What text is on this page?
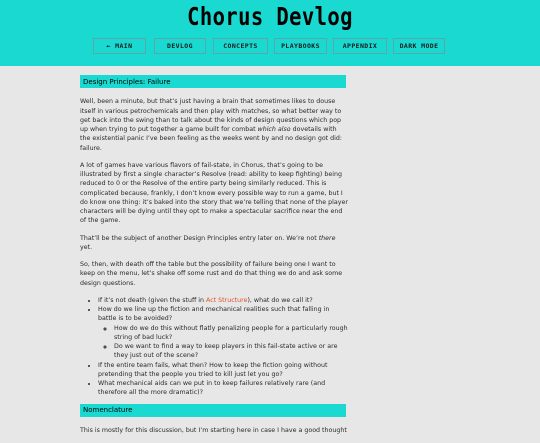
Chorus Devlog
← MAIN	DEVLOG	CONCEPTS	PLAYBOOKS	APPENDIX	DARK MODE
Design Principles: Failure

Well, been a minute, but that’s just having a brain that sometimes likes to douse itself in various petrochemicals and then play with matches, so what better way to get back into the swing than to talk about the kinds of design questions which pop up when trying to put together a game built for combat which also dovetails with the existential panic I’ve been feeling as the weeks went by and no design got did: failure.

A lot of games have various flavors of fail-state, in Chorus, that’s going to be illustrated by first a single character’s Resolve (read: ability to keep fighting) being reduced to 0 or the Resolve of the entire party being similarly reduced. This is complicated because, frankly, I don’t know every possible way to run a game, but I do know one thing: it’s baked into the story that we’re telling that none of the player characters will be dying until they opt to make a spectacular sacrifice near the end of the game.

That’ll be the subject of another Design Principles entry later on. We’re not there yet.

So, then, with death off the table but the possibility of failure being one I want to keep on the menu, let’s shake off some rust and do that thing we do and ask some design questions.

• If it’s not death (given the stuff in Act Structure), what do we call it?
• How do we line up the fiction and mechanical realities such that falling in battle is to be avoided?
◦ How do we do this without flatly penalizing people for a particularly rough string of bad luck?
◦ Do we want to find a way to keep players in this fail-state active or are they just out of the scene?
• If the entire team fails, what then? How to keep the fiction going without pretending that the people you tried to kill just let you go?
• What mechanical aids can we put in to keep failures relatively rare (and therefore all the more dramatic)?
Nomenclature

This is mostly for this discussion, but I’m starting here in case I have a good thought
